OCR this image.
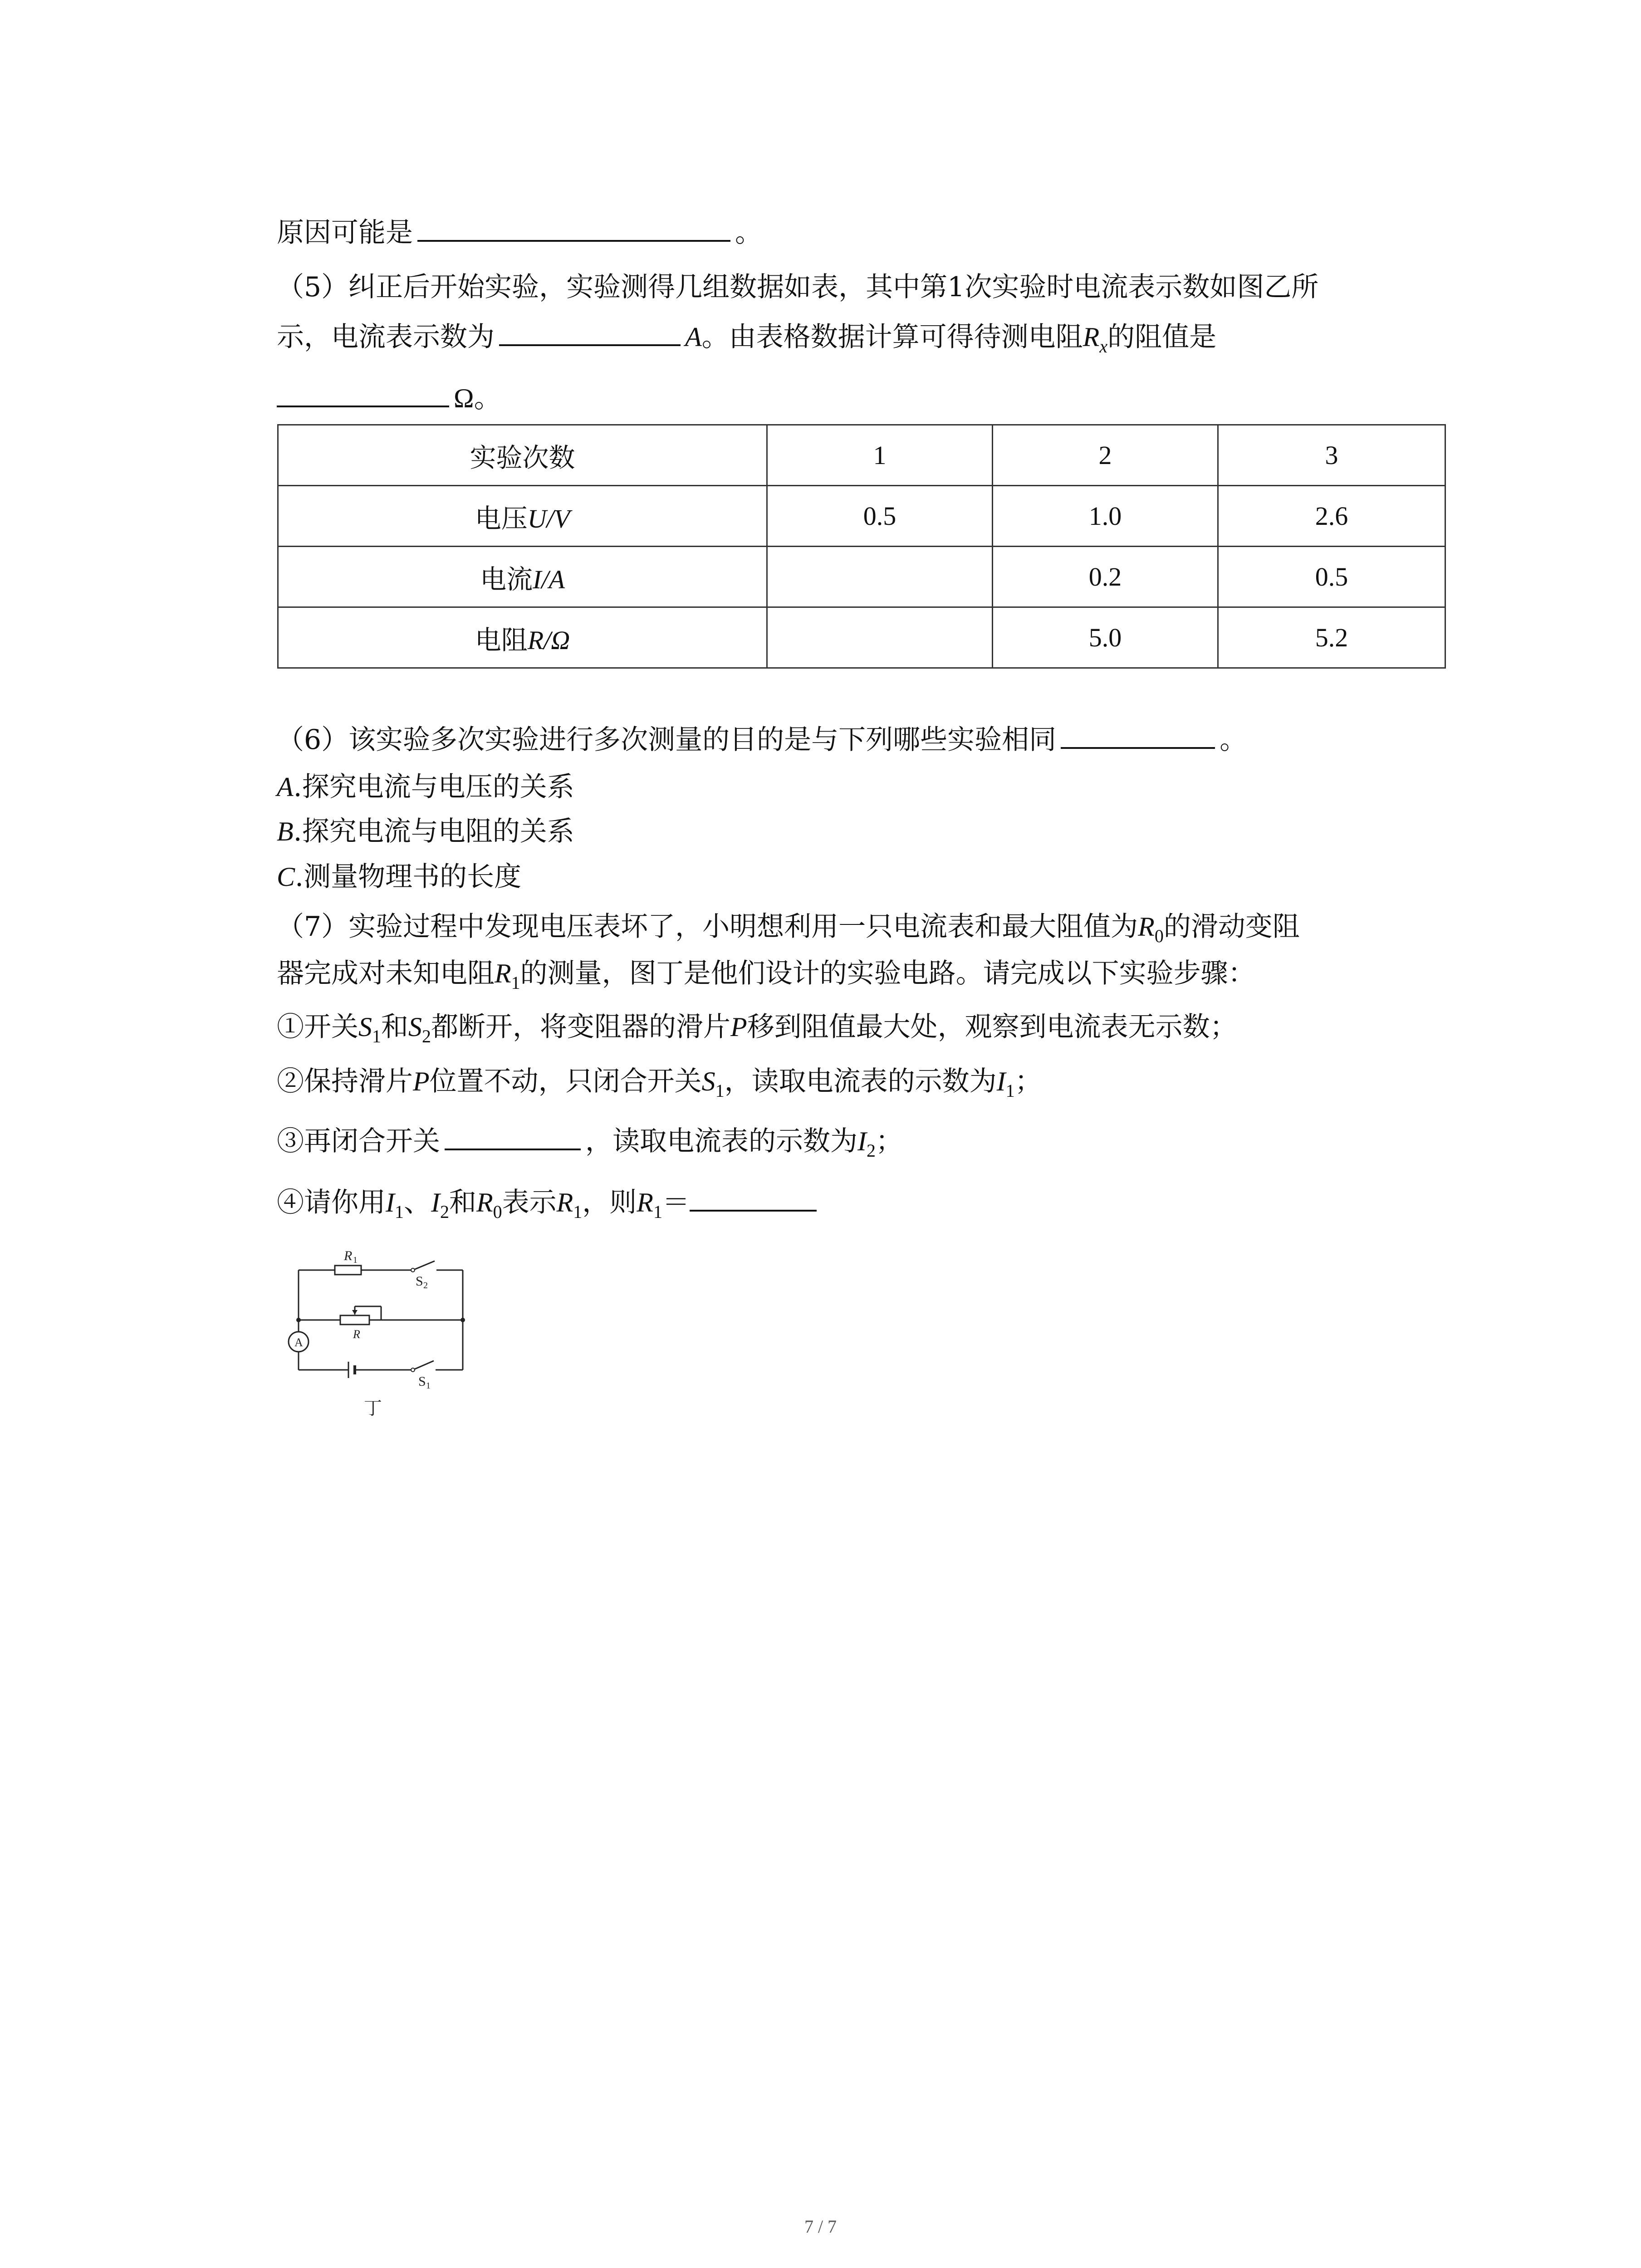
原因可能是	。
（5）纠正后开始实验，实验测得几组数据如表，其中第1次实验时电流表示数如图乙所
示，电流表示数为	A。由表格数据计算可得待测电阻$R_x$的阻值是
Ω。
实验次数	1	2	3
电压U/V	0.5	1.0	2.6
电流I/A		0.2	0.5
电阻R/Ω		5.0	5.2
（6）该实验多次实验进行多次测量的目的是与下列哪些实验相同	。
A.探究电流与电压的关系
B.探究电流与电阻的关系
C.测量物理书的长度
（7）实验过程中发现电压表坏了，小明想利用一只电流表和最大阻值为$R_0$的滑动变阻
器完成对未知电阻$R_1$的测量，图丁是他们设计的实验电路。请完成以下实验步骤：
①开关$S_1$和$S_2$都断开，将变阻器的滑片P移到阻值最大处，观察到电流表无示数；
②保持滑片P位置不动，只闭合开关$S_1$，读取电流表的示数为$I_1$；
③再闭合开关	，读取电流表的示数为$I_2$；
④请你用$I_1$、$I_2$和$R_0$表示$R_1$，则$R_1=$
R 1
S 2
R
A
S 1
丁
7 / 7
